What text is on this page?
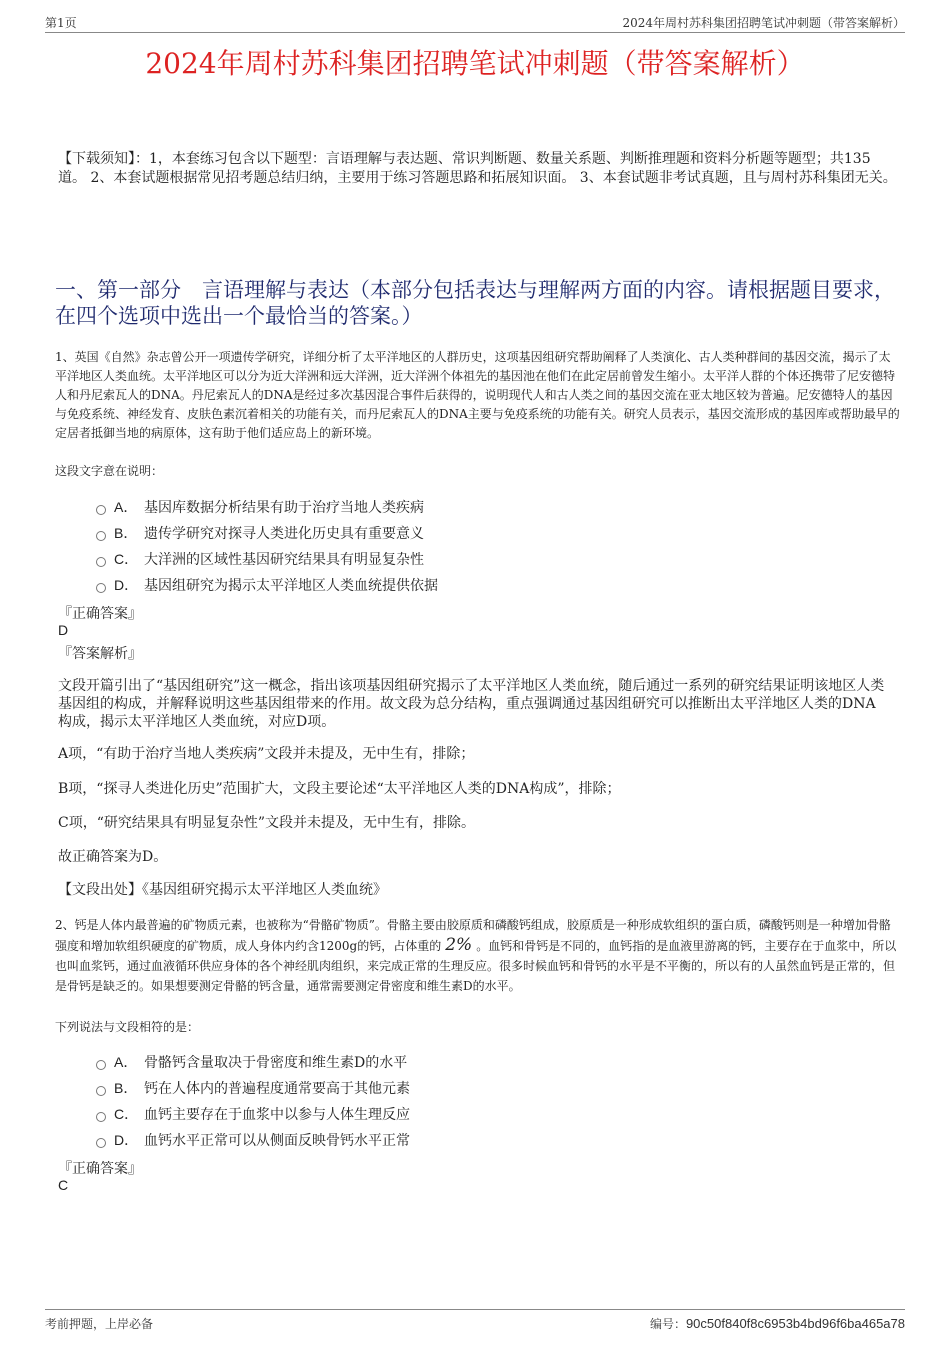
第1页	2024年周村苏科集团招聘笔试冲刺题（带答案解析）
2024年周村苏科集团招聘笔试冲刺题（带答案解析）
【下载须知】：1，本套练习包含以下题型：言语理解与表达题、常识判断题、数量关系题、判断推理题和资料分析题等题型；共135道。 2、本套试题根据常见招考题总结归纳，主要用于练习答题思路和拓展知识面。 3、本套试题非考试真题，且与周村苏科集团无关。
一、第一部分　言语理解与表达（本部分包括表达与理解两方面的内容。请根据题目要求，在四个选项中选出一个最恰当的答案。）
1、英国《自然》杂志曾公开一项遗传学研究，详细分析了太平洋地区的人群历史，这项基因组研究帮助阐释了人类演化、古人类种群间的基因交流，揭示了太平洋地区人类血统。太平洋地区可以分为近大洋洲和远大洋洲，近大洋洲个体祖先的基因池在他们在此定居前曾发生缩小。太平洋人群的个体还携带了尼安德特人和丹尼索瓦人的DNA。丹尼索瓦人的DNA是经过多次基因混合事件后获得的，说明现代人和古人类之间的基因交流在亚太地区较为普遍。尼安德特人的基因与免疫系统、神经发育、皮肤色素沉着相关的功能有关，而丹尼索瓦人的DNA主要与免疫系统的功能有关。研究人员表示，基因交流形成的基因库或帮助最早的定居者抵御当地的病原体，这有助于他们适应岛上的新环境。
这段文字意在说明：
A． 基因库数据分析结果有助于治疗当地人类疾病
B． 遗传学研究对探寻人类进化历史具有重要意义
C． 大洋洲的区域性基因研究结果具有明显复杂性
D． 基因组研究为揭示太平洋地区人类血统提供依据
『正确答案』
D
『答案解析』
文段开篇引出了“基因组研究”这一概念，指出该项基因组研究揭示了太平洋地区人类血统，随后通过一系列的研究结果证明该地区人类基因组的构成，并解释说明这些基因组带来的作用。故文段为总分结构，重点强调通过基因组研究可以推断出太平洋地区人类的DNA构成，揭示太平洋地区人类血统，对应D项。
A项，“有助于治疗当地人类疾病”文段并未提及，无中生有，排除；
B项，“探寻人类进化历史”范围扩大，文段主要论述“太平洋地区人类的DNA构成”，排除；
C项，“研究结果具有明显复杂性”文段并未提及，无中生有，排除。
故正确答案为D。
【文段出处】《基因组研究揭示太平洋地区人类血统》
2、钙是人体内最普遍的矿物质元素，也被称为“骨骼矿物质”。骨骼主要由胶原质和磷酸钙组成，胶原质是一种形成软组织的蛋白质，磷酸钙则是一种增加骨骼强度和增加软组织硬度的矿物质，成人身体内约含1200g的钙，占体重的 2% 。血钙和骨钙是不同的，血钙指的是血液里游离的钙，主要存在于血浆中，所以也叫血浆钙，通过血液循环供应身体的各个神经肌肉组织，来完成正常的生理反应。很多时候血钙和骨钙的水平是不平衡的，所以有的人虽然血钙是正常的，但是骨钙是缺乏的。如果想要测定骨骼的钙含量，通常需要测定骨密度和维生素D的水平。
下列说法与文段相符的是：
A． 骨骼钙含量取决于骨密度和维生素D的水平
B． 钙在人体内的普遍程度通常要高于其他元素
C． 血钙主要存在于血浆中以参与人体生理反应
D． 血钙水平正常可以从侧面反映骨钙水平正常
『正确答案』
C
考前押题，上岸必备	编号：90c50f840f8c6953b4bd96f6ba465a78
